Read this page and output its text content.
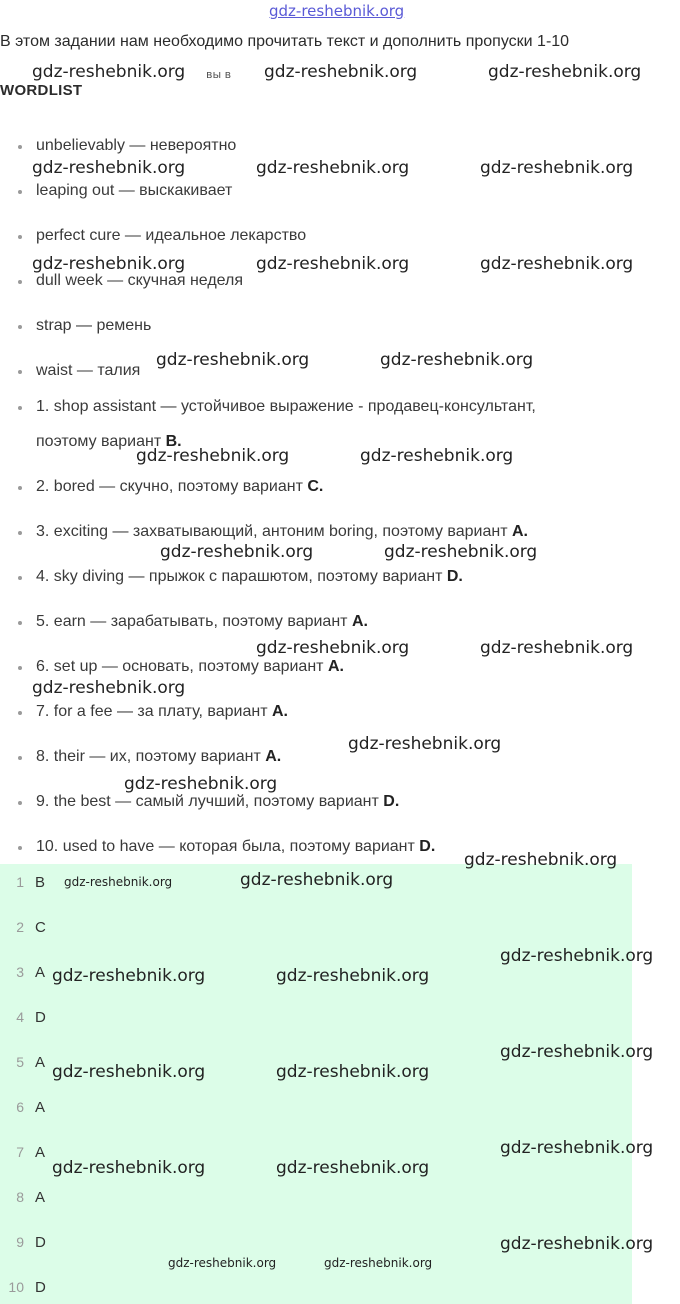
gdz-reshebnik.org
В этом задании нам необходимо прочитать текст и дополнить пропуски 1-10
WORDLIST
unbelievably — невероятно
leaping out — выскакивает
perfect cure — идеальное лекарство
dull week — скучная неделя
strap — ремень
waist — талия
1. shop assistant — устойчивое выражение - продавец-консультант,
поэтому вариант B.
2. bored — скучно, поэтому вариант C.
3. exciting — захватывающий, антоним boring, поэтому вариант A.
4. sky diving — прыжок с парашютом, поэтому вариант D.
5. earn — зарабатывать, поэтому вариант A.
6. set up — основать, поэтому вариант A.
7. for a fee — за плату, вариант A.
8. their — их, поэтому вариант A.
9. the best — самый лучший, поэтому вариант D.
10. used to have — которая была, поэтому вариант D.
1 B
2 C
3 A
4 D
5 A
6 A
7 A
8 A
9 D
10 D
вы в
gdz-reshebnik.org	gdz-reshebnik.org	gdz-reshebnik.org
gdz-reshebnik.org	gdz-reshebnik.org	gdz-reshebnik.org
gdz-reshebnik.org	gdz-reshebnik.org	gdz-reshebnik.org
gdz-reshebnik.org	gdz-reshebnik.org
gdz-reshebnik.org	gdz-reshebnik.org
gdz-reshebnik.org	gdz-reshebnik.org
gdz-reshebnik.org	gdz-reshebnik.org
gdz-reshebnik.org
gdz-reshebnik.org
gdz-reshebnik.org
gdz-reshebnik.org
gdz-reshebnik.org	gdz-reshebnik.org
gdz-reshebnik.org
gdz-reshebnik.org	gdz-reshebnik.org
gdz-reshebnik.org
gdz-reshebnik.org	gdz-reshebnik.org
gdz-reshebnik.org
gdz-reshebnik.org	gdz-reshebnik.org
gdz-reshebnik.org
gdz-reshebnik.org	gdz-reshebnik.org
